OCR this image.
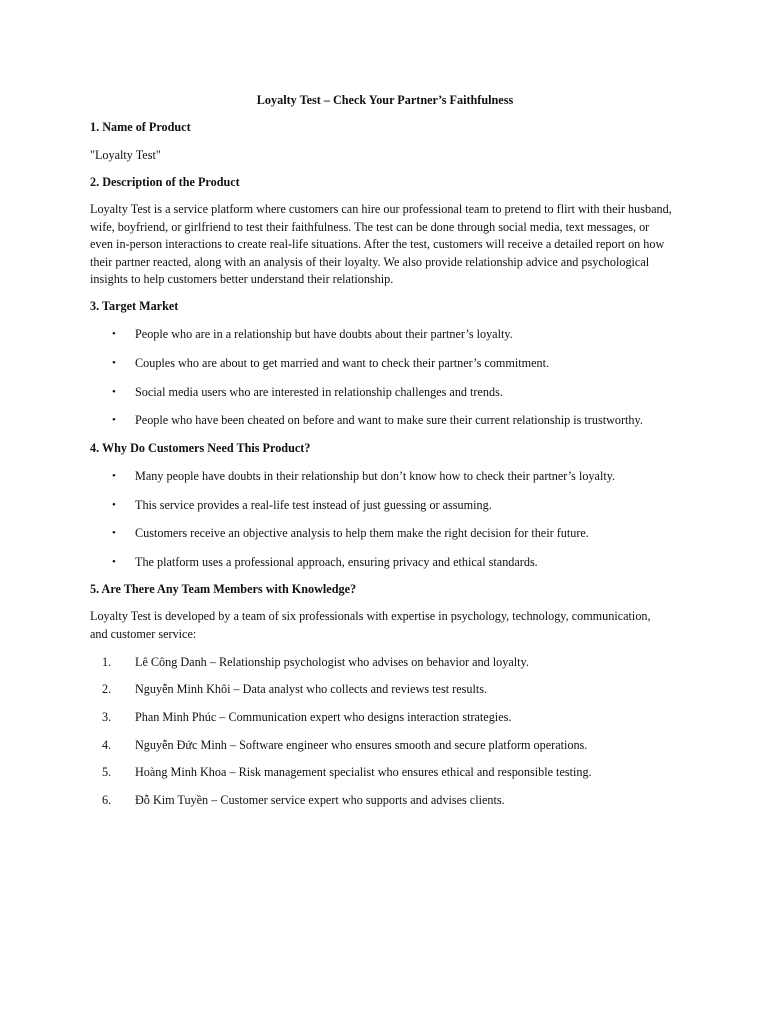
Loyalty Test – Check Your Partner’s Faithfulness

1. Name of Product

"Loyalty Test"

2. Description of the Product

Loyalty Test is a service platform where customers can hire our professional team to pretend to flirt with their husband,
wife, boyfriend, or girlfriend to test their faithfulness. The test can be done through social media, text messages, or
even in-person interactions to create real-life situations. After the test, customers will receive a detailed report on how
their partner reacted, along with an analysis of their loyalty. We also provide relationship advice and psychological
insights to help customers better understand their relationship.

3. Target Market

• People who are in a relationship but have doubts about their partner’s loyalty.
• Couples who are about to get married and want to check their partner’s commitment.
• Social media users who are interested in relationship challenges and trends.
• People who have been cheated on before and want to make sure their current relationship is trustworthy.

4. Why Do Customers Need This Product?

• Many people have doubts in their relationship but don’t know how to check their partner’s loyalty.
• This service provides a real-life test instead of just guessing or assuming.
• Customers receive an objective analysis to help them make the right decision for their future.
• The platform uses a professional approach, ensuring privacy and ethical standards.

5. Are There Any Team Members with Knowledge?

Loyalty Test is developed by a team of six professionals with expertise in psychology, technology, communication,
and customer service:
1.	Lê Công Danh – Relationship psychologist who advises on behavior and loyalty.
2.	Nguyễn Minh Khôi – Data analyst who collects and reviews test results.
3.	Phan Minh Phúc – Communication expert who designs interaction strategies.
4.	Nguyễn Đức Minh – Software engineer who ensures smooth and secure platform operations.
5.	Hoàng Minh Khoa – Risk management specialist who ensures ethical and responsible testing.
6.	Đỗ Kim Tuyền – Customer service expert who supports and advises clients.
